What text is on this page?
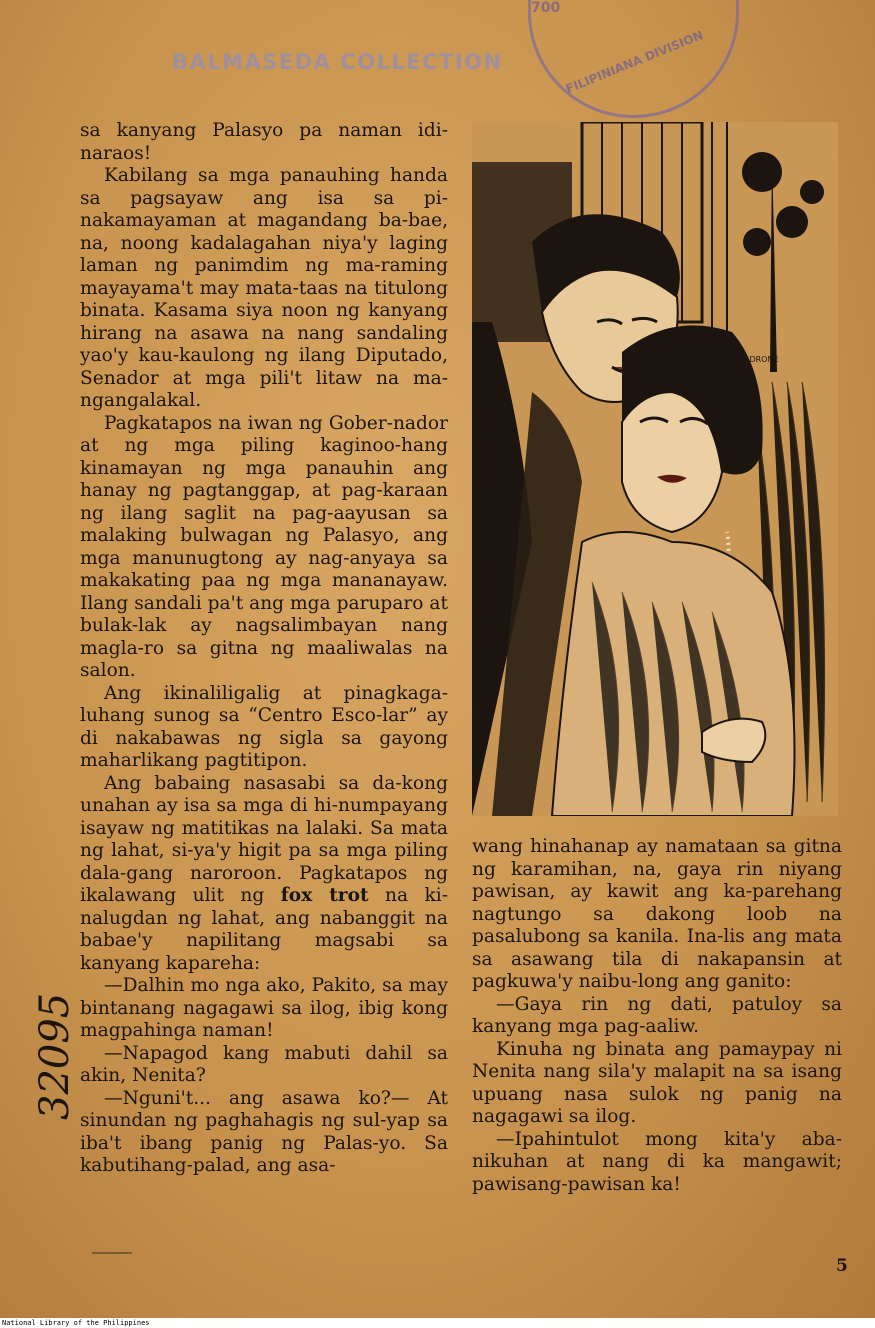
BALMASEDA COLLECTION
700
FILIPINIANA DIVISION
32095

sa kanyang Palasyo pa naman idi-naraos!

Kabilang sa mga panauhing handa sa pagsayaw ang isa sa pi-nakamayaman at magandang ba-bae, na, noong kadalagahan niya'y laging laman ng panimdim ng ma-raming mayayama't may mata-taas na titulong binata. Kasama siya noon ng kanyang hirang na asawa na nang sandaling yao'y kau-kaulong ng ilang Diputado, Senador at mga pili't litaw na ma-ngangalakal.

Pagkatapos na iwan ng Gober-nador at ng mga piling kaginoo-hang kinamayan ng mga panauhin ang hanay ng pagtanggap, at pag-karaan ng ilang saglit na pag-aayusan sa malaking bulwagan ng Palasyo, ang mga manunugtong ay nag-anyaya sa makakating paa ng mga mananayaw. Ilang sandali pa't ang mga paruparo at bulak-lak ay nagsalimbayan nang magla-ro sa gitna ng maaliwalas na salon.

Ang ikinaliligalig at pinagkaga-luhang sunog sa “Centro Esco-lar” ay di nakabawas ng sigla sa gayong maharlikang pagtitipon.

Ang babaing nasasabi sa da-kong unahan ay isa sa mga di hi-numpayang isayaw ng matitikas na lalaki. Sa mata ng lahat, si-ya'y higit pa sa mga piling dala-gang naroroon. Pagkatapos ng ikalawang ulit ng fox trot na ki-nalugdan ng lahat, ang nabanggit na babae'y napilitang magsabi sa kanyang kapareha:

—Dalhin mo nga ako, Pakito, sa may bintanang nagagawi sa ilog, ibig kong magpahinga naman!

—Napagod kang mabuti dahil sa akin, Nenita?

—Nguni't... ang asawa ko?— At sinundan ng paghahagis ng sul-yap sa iba't ibang panig ng Palas-yo. Sa kabutihang-palad, ang asa-

M.DRONE

wang hinahanap ay namataan sa gitna ng karamihan, na, gaya rin niyang pawisan, ay kawit ang ka-parehang nagtungo sa dakong loob na pasalubong sa kanila. Ina-lis ang mata sa asawang tila di nakapansin at pagkuwa'y naibu-long ang ganito:

—Gaya rin ng dati, patuloy sa kanyang mga pag-aaliw.

Kinuha ng binata ang pamaypay ni Nenita nang sila'y malapit na sa isang upuang nasa sulok ng panig na nagagawi sa ilog.

—Ipahintulot mong kita'y aba-nikuhan at nang di ka mangawit; pawisang-pawisan ka!

5
National Library of the Philippines
